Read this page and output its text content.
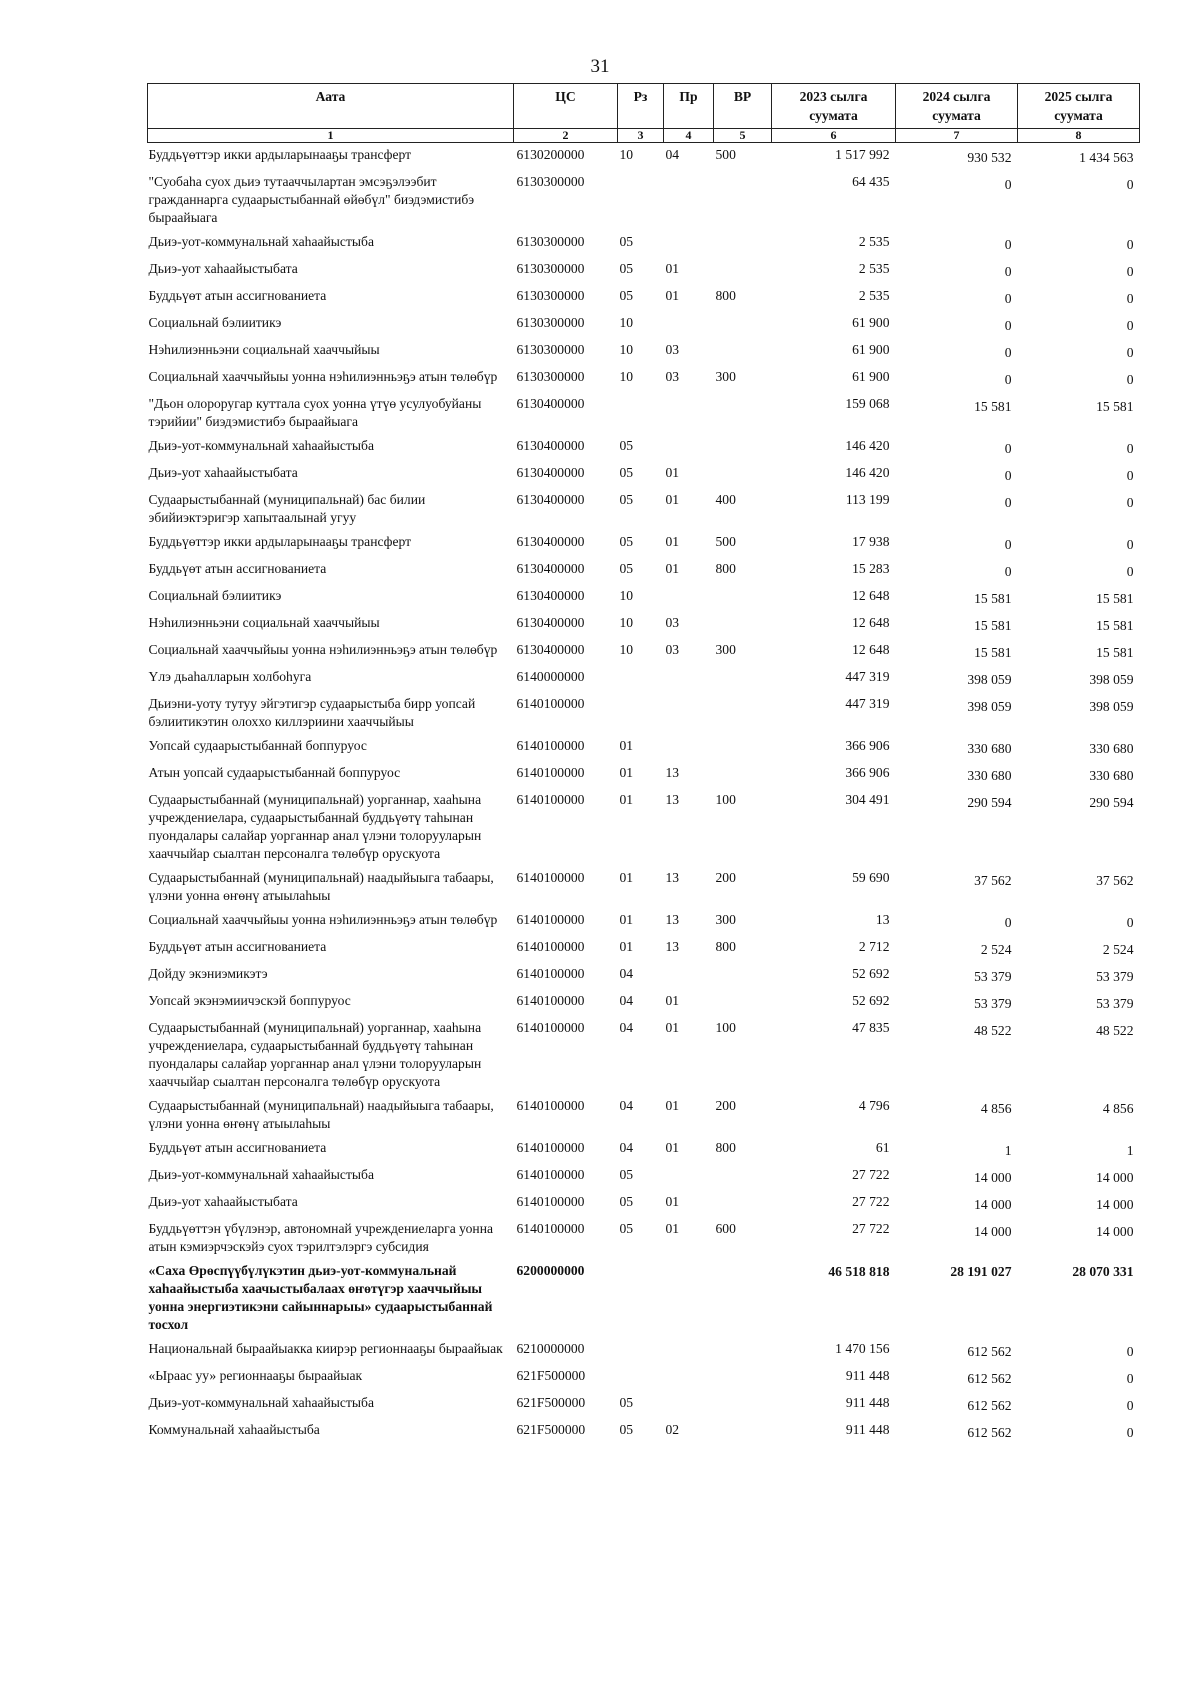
31
Аата	ЦС	Рз	Пр	ВР	2023 сылга суумата	2024 сылга суумата	2025 сылга суумата
1	2	3	4	5	6	7	8
Буддьүөттэр икки ардыларынааҕы трансферт	6130200000	10	04	500	1 517 992	930 532	1 434 563
"Суобаһа суох дьиэ тутааччылартан эмсэҕэлээбит гражданнарга судаарыстыбаннай өйөбүл" биэдэмистибэ быраайыага	6130300000				64 435	0	0
Дьиэ-уот-коммунальнай хаһаайыстыба	6130300000	05			2 535	0	0
Дьиэ-уот хаһаайыстыбата	6130300000	05	01		2 535	0	0
Буддьүөт атын ассигнованиета	6130300000	05	01	800	2 535	0	0
Социальнай бэлиитикэ	6130300000	10			61 900	0	0
Нэһилиэнньэни социальнай хааччыйыы	6130300000	10	03		61 900	0	0
Социальнай хааччыйыы уонна нэһилиэнньэҕэ атын төлөбүр	6130300000	10	03	300	61 900	0	0
"Дьон олороругар куттала суох уонна үтүө усулуобуйаны тэрийии" биэдэмистибэ быраайыага	6130400000				159 068	15 581	15 581
Дьиэ-уот-коммунальнай хаһаайыстыба	6130400000	05			146 420	0	0
Дьиэ-уот хаһаайыстыбата	6130400000	05	01		146 420	0	0
Судаарыстыбаннай (муниципальнай) бас билии эбийиэктэригэр хапытаалынай угуу	6130400000	05	01	400	113 199	0	0
Буддьүөттэр икки ардыларынааҕы трансферт	6130400000	05	01	500	17 938	0	0
Буддьүөт атын ассигнованиета	6130400000	05	01	800	15 283	0	0
Социальнай бэлиитикэ	6130400000	10			12 648	15 581	15 581
Нэһилиэнньэни социальнай хааччыйыы	6130400000	10	03		12 648	15 581	15 581
Социальнай хааччыйыы уонна нэһилиэнньэҕэ атын төлөбүр	6130400000	10	03	300	12 648	15 581	15 581
Үлэ дьаһалларын холбоһуга	6140000000				447 319	398 059	398 059
Дьиэни-уоту тутуу эйгэтигэр судаарыстыба бирр уопсай бэлиитикэтин олоххо киллэриини хааччыйыы	6140100000				447 319	398 059	398 059
Уопсай судаарыстыбаннай боппуруос	6140100000	01			366 906	330 680	330 680
Атын уопсай судаарыстыбаннай боппуруос	6140100000	01	13		366 906	330 680	330 680
Судаарыстыбаннай (муниципальнай) уорганнар, хааһына учреждениелара, судаарыстыбаннай буддьүөтү таһынан пуондалары салайар уорганнар анал үлэни толорууларын хааччыйар сыалтан персоналга төлөбүр орускуота	6140100000	01	13	100	304 491	290 594	290 594
Судаарыстыбаннай (муниципальнай) наадыйыыга табаары, үлэни уонна өҥөнү атыылаһыы	6140100000	01	13	200	59 690	37 562	37 562
Социальнай хааччыйыы уонна нэһилиэнньэҕэ атын төлөбүр	6140100000	01	13	300	13	0	0
Буддьүөт атын ассигнованиета	6140100000	01	13	800	2 712	2 524	2 524
Дойду экэниэмикэтэ	6140100000	04			52 692	53 379	53 379
Уопсай экэнэмиичэскэй боппуруос	6140100000	04	01		52 692	53 379	53 379
Судаарыстыбаннай (муниципальнай) уорганнар, хааһына учреждениелара, судаарыстыбаннай буддьүөтү таһынан пуондалары салайар уорганнар анал үлэни толорууларын хааччыйар сыалтан персоналга төлөбүр орускуота	6140100000	04	01	100	47 835	48 522	48 522
Судаарыстыбаннай (муниципальнай) наадыйыыга табаары, үлэни уонна өҥөнү атыылаһыы	6140100000	04	01	200	4 796	4 856	4 856
Буддьүөт атын ассигнованиета	6140100000	04	01	800	61	1	1
Дьиэ-уот-коммунальнай хаһаайыстыба	6140100000	05			27 722	14 000	14 000
Дьиэ-уот хаһаайыстыбата	6140100000	05	01		27 722	14 000	14 000
Буддьүөттэн үбүлэнэр, автономнай учреждениеларга уонна атын кэмиэрчэскэйэ суох тэрилтэлэргэ субсидия	6140100000	05	01	600	27 722	14 000	14 000
«Саха Өрөспүүбүлүкэтин дьиэ-уот-коммунальнай хаһаайыстыба хаачыстыбалаах өҥөтүгэр хааччыйыы уонна энергиэтикэни сайыннарыы» судаарыстыбаннай тосхол	6200000000				46 518 818	28 191 027	28 070 331
Национальнай быраайыакка киирэр регионнааҕы быраайыак	6210000000				1 470 156	612 562	0
«Ыраас уу» регионнааҕы быраайыак	621F500000				911 448	612 562	0
Дьиэ-уот-коммунальнай хаһаайыстыба	621F500000	05			911 448	612 562	0
Коммунальнай хаһаайыстыба	621F500000	05	02		911 448	612 562	0
